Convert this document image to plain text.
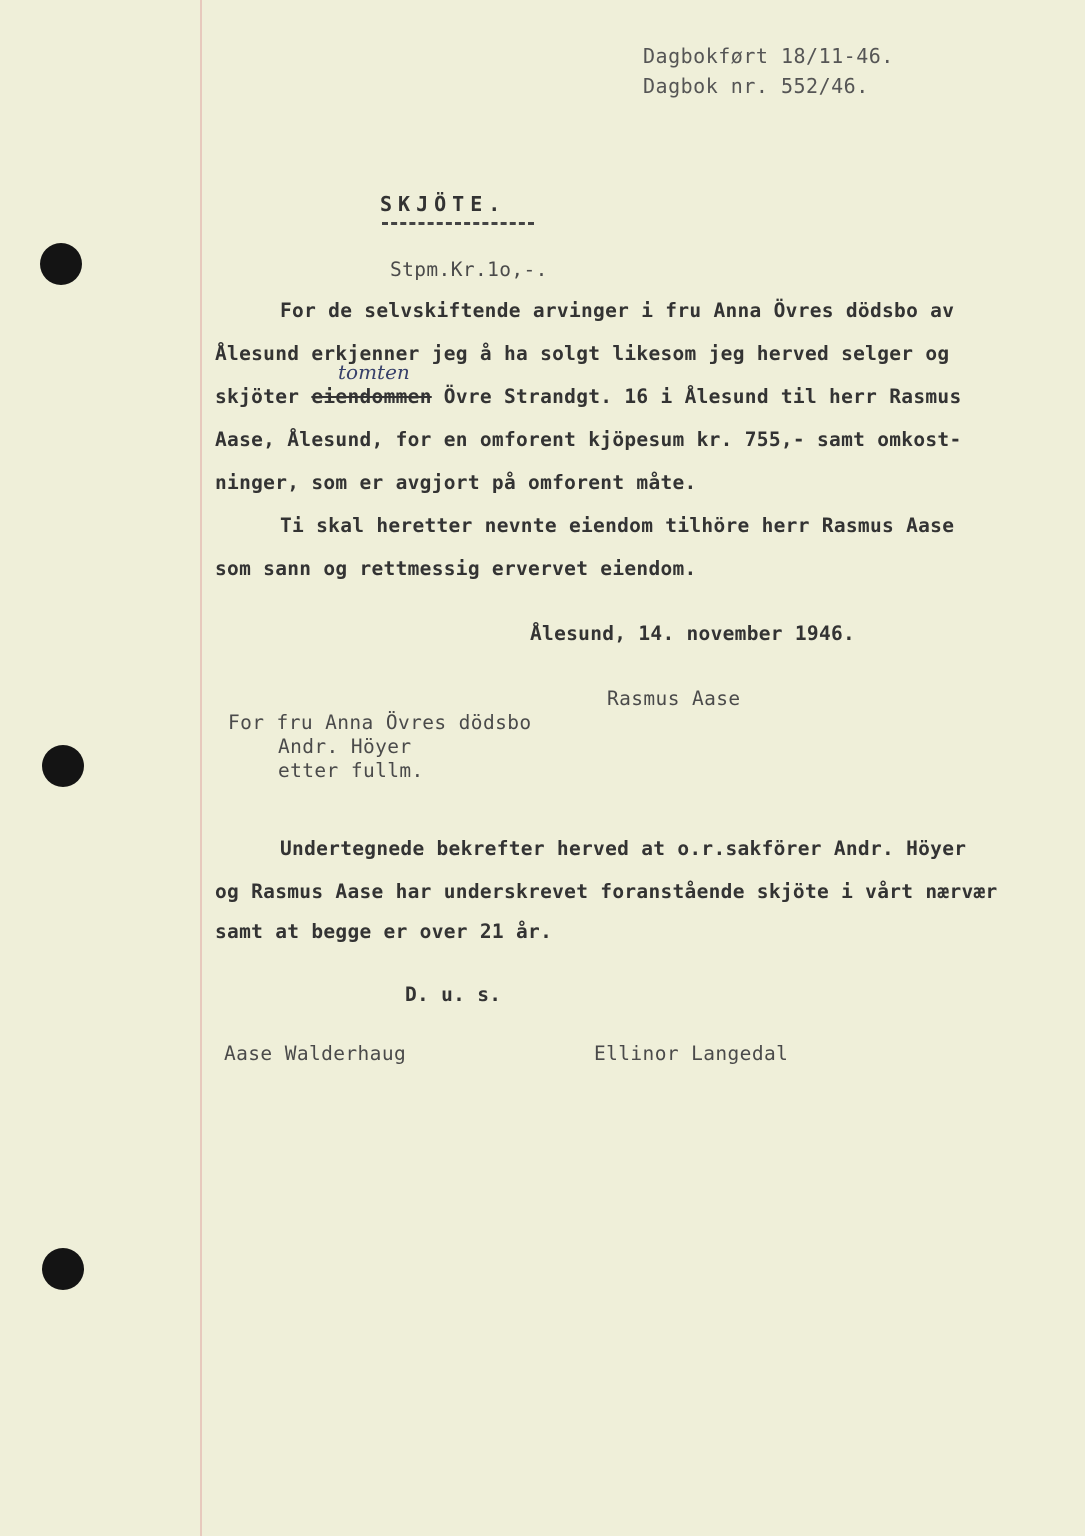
Dagbokført 18/11-46.
Dagbok nr. 552/46.
SKJÖTE.
Stpm.Kr.1o,-.
For de selvskiftende arvinger i fru Anna Övres dödsbo av
Ålesund erkjenner jeg å ha solgt likesom jeg herved selger og
skjöter eiendommen Övre Strandgt. 16 i Ålesund til herr Rasmus
tomten
Aase, Ålesund, for en omforent kjöpesum kr. 755,- samt omkost-
ninger, som er avgjort på omforent måte.
Ti skal heretter nevnte eiendom tilhöre herr Rasmus Aase
som sann og rettmessig ervervet eiendom.
Ålesund, 14. november 1946.
Rasmus Aase
For fru Anna Övres dödsbo
Andr. Höyer
etter fullm.
Undertegnede bekrefter herved at o.r.sakförer Andr. Höyer
og Rasmus Aase har underskrevet foranstående skjöte i vårt nærvær
samt at begge er over 21 år.
D. u. s.
Aase Walderhaug	Ellinor Langedal
